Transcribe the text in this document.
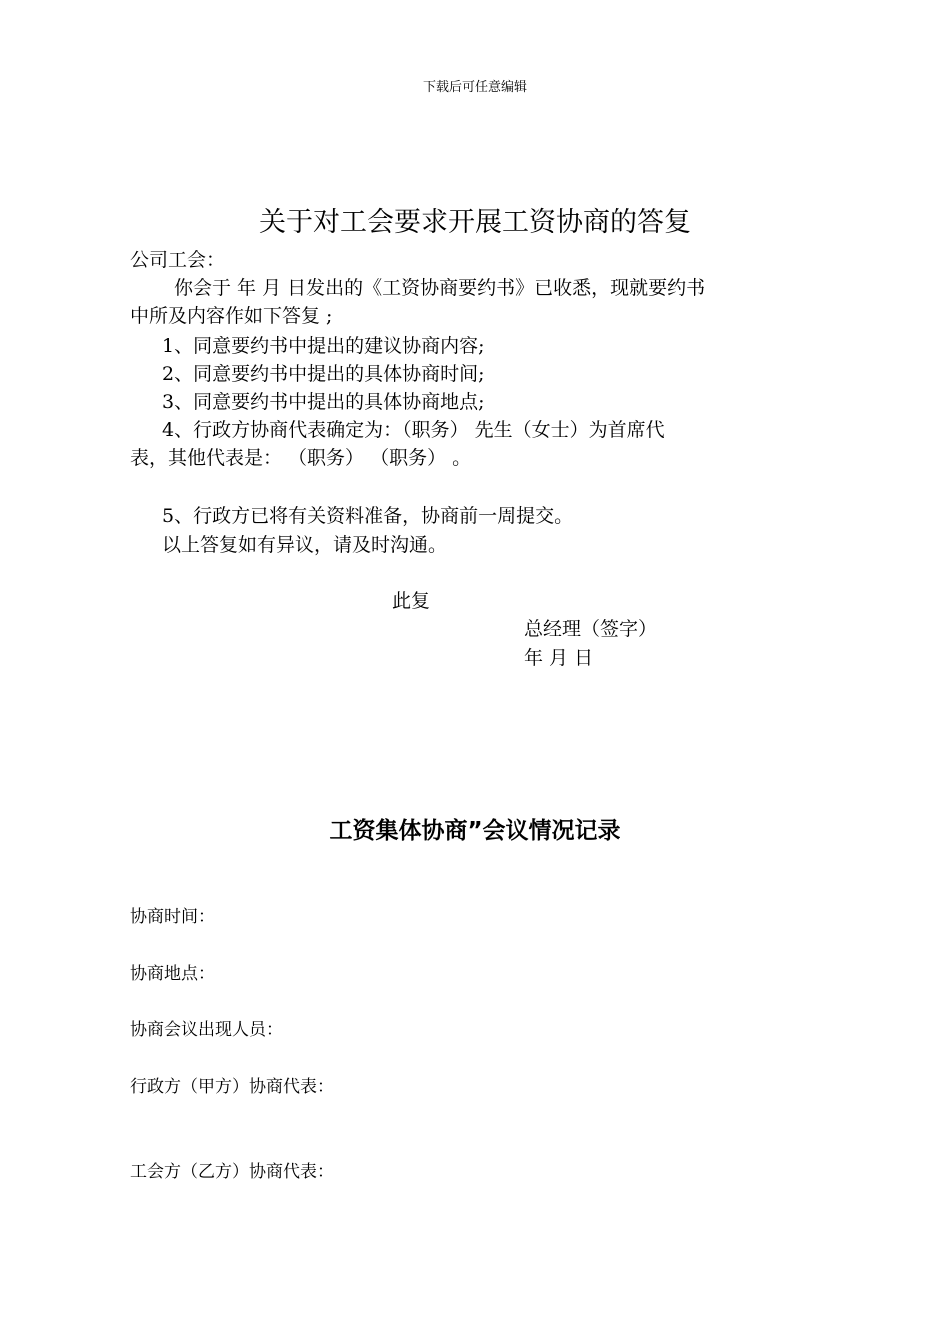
下载后可任意编辑
关于对工会要求开展工资协商的答复
公司工会：
你会于 年 月 日发出的《工资协商要约书》已收悉，现就要约书
中所及内容作如下答复 ;
1、同意要约书中提出的建议协商内容;
2、同意要约书中提出的具体协商时间;
3、同意要约书中提出的具体协商地点;
4、行政方协商代表确定为：（职务） 先生（女士）为首席代
表，其他代表是： （职务） （职务） 。
5、行政方已将有关资料准备，协商前一周提交。
以上答复如有异议，请及时沟通。
此复
总经理（签字）
年 月 日
工资集体协商”会议情况记录
协商时间：
协商地点：
协商会议出现人员：
行政方（甲方）协商代表：
工会方（乙方）协商代表：
